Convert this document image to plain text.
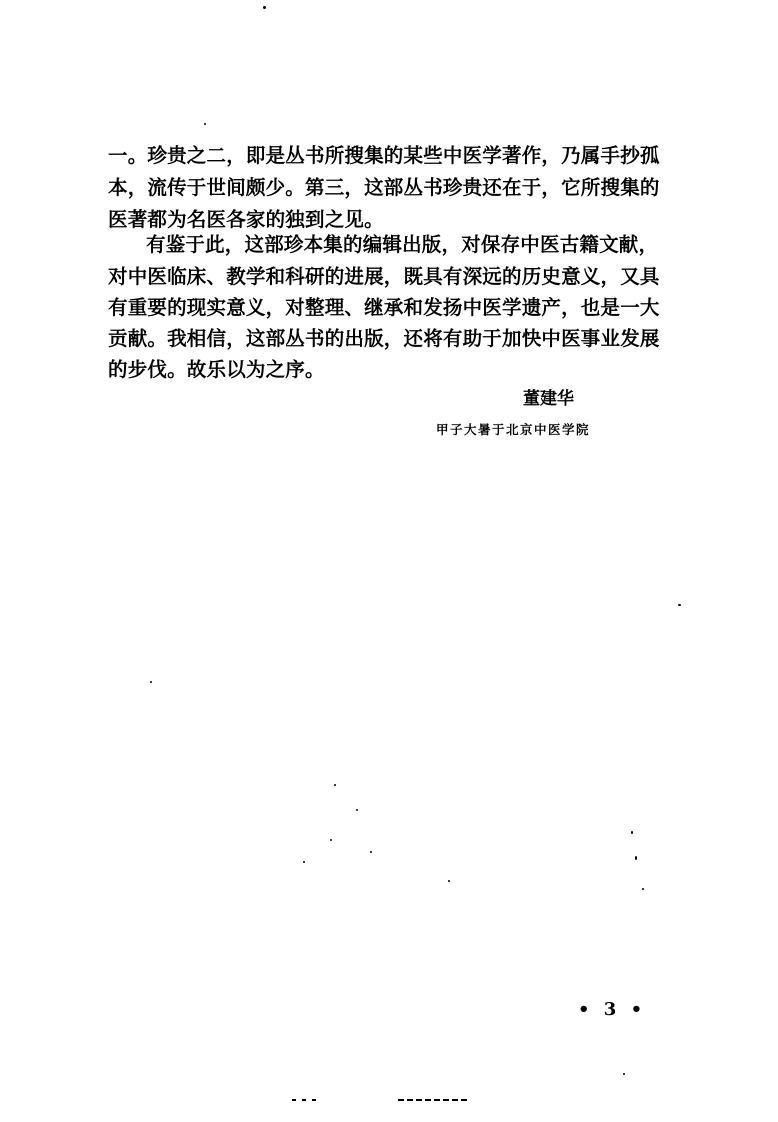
一。珍贵之二，即是丛书所搜集的某些中医学著作，乃属手抄孤
本，流传于世间颇少。第三，这部丛书珍贵还在于，它所搜集的
医著都为名医各家的独到之见。
有鉴于此，这部珍本集的编辑出版，对保存中医古籍文献，
对中医临床、教学和科研的进展，既具有深远的历史意义，又具
有重要的现实意义，对整理、继承和发扬中医学遗产，也是一大
贡献。我相信，这部丛书的出版，还将有助于加快中医事业发展
的步伐。故乐以为之序。
董建华
甲子大暑于北京中医学院
• 3 •
